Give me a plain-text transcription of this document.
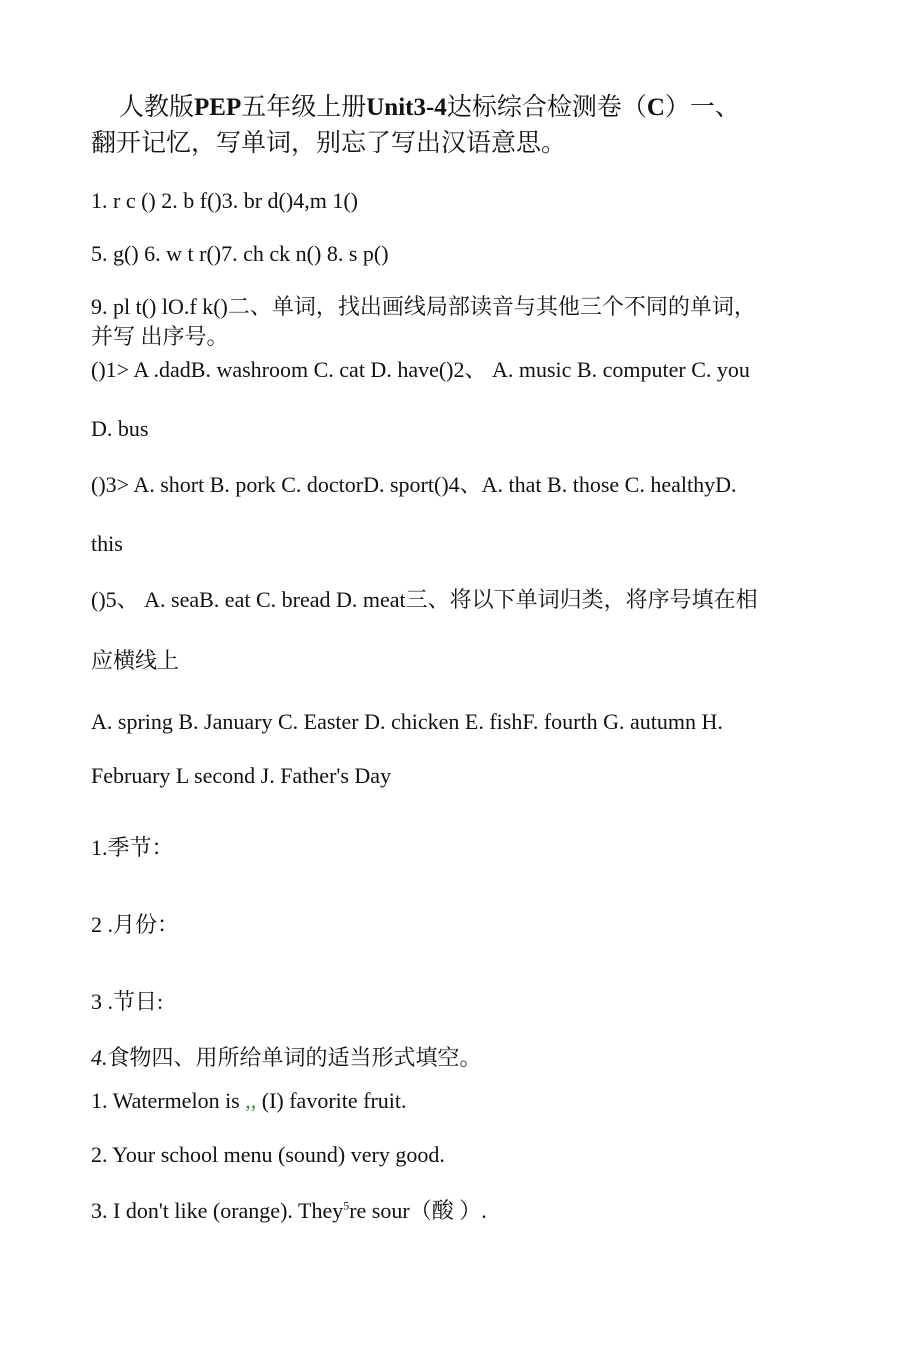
人教版PEP五年级上册Unit3-4达标综合检测卷（C）一、
翻开记忆，写单词，别忘了写出汉语意思。
1. r c () 2. b f()3. br d()4,m 1()
5. g() 6. w t r()7. ch ck n() 8. s p()
9. pl t() lO.f k()二、单词，找出画线局部读音与其他三个不同的单词，
并写 出序号。
()1> A .dadB. washroom C. cat D. have()2、 A. music B. computer C. you
D. bus
()3> A. short B. pork C. doctorD. sport()4、A. that B. those C. healthyD.
this
()5、 A. seaB. eat C. bread D. meat三、将以下单词归类，将序号填在相
应横线上
A. spring B. January C. Easter D. chicken E. fishF. fourth G. autumn H.
February L second J. Father's Day
1.季节：
2 .月份：
3 .节日:
4.食物四、用所给单词的适当形式填空。
1. Watermelon is ,, (I) favorite fruit.
2. Your school menu (sound) very good.
3. I don't like (orange). They$^5$re sour（酸 ）.
